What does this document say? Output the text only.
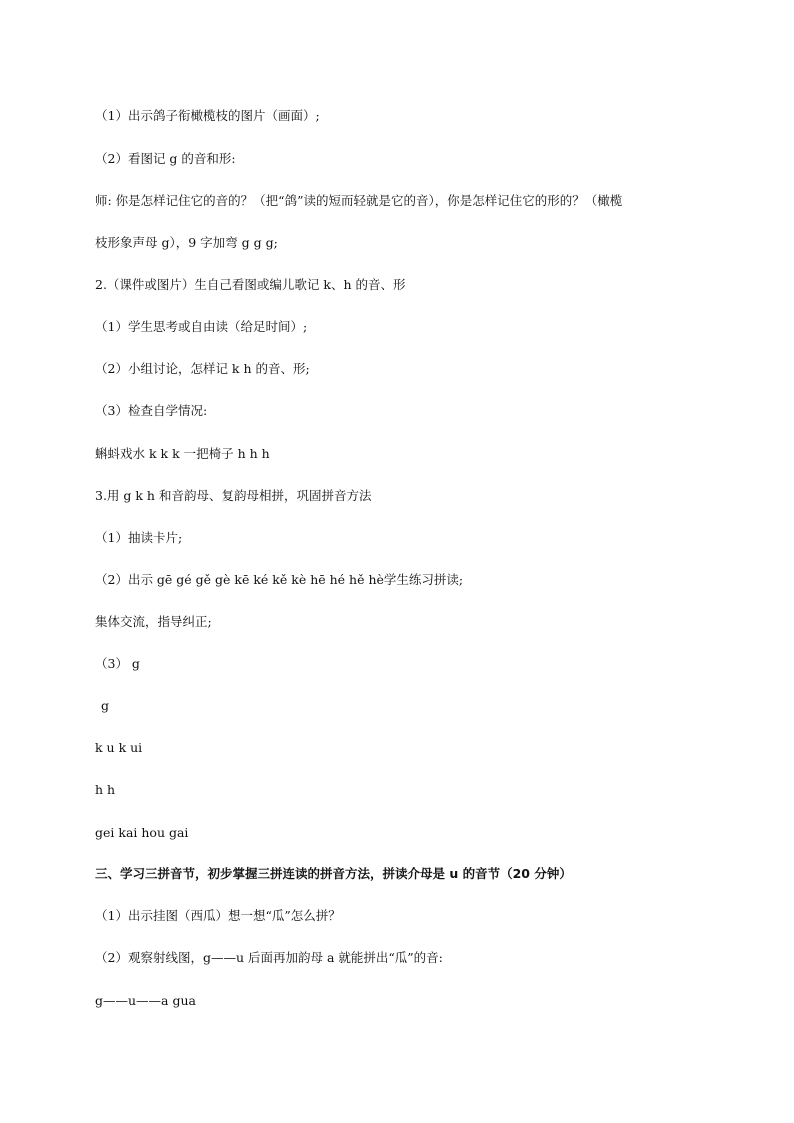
（1）出示鸽子衔橄榄枝的图片（画面）;
（2）看图记 g 的音和形:
师: 你是怎样记住它的音的？（把“鸽”读的短而轻就是它的音），你是怎样记住它的形的？（橄榄
枝形象声母 g），9 字加弯 g g g;
2.（课件或图片）生自己看图或编儿歌记 k、h 的音、形
（1）学生思考或自由读（给足时间）;
（2）小组讨论，怎样记 k h 的音、形;
（3）检查自学情况:
蝌蚪戏水 k k k 一把椅子 h h h
3.用 g k h 和音韵母、复韵母相拼，巩固拼音方法
（1）抽读卡片;
（2）出示 gē gé gě gè kē ké kě kè hē hé hě hè学生练习拼读;
集体交流，指导纠正;
（3） g
g
k u k ui
h h
gei kai hou gai
三、学习三拼音节，初步掌握三拼连读的拼音方法，拼读介母是 u 的音节（20 分钟）
（1）出示挂图（西瓜）想一想“瓜”怎么拼？
（2）观察射线图，g——u 后面再加韵母 a 就能拼出“瓜”的音:
g——u——a gua
